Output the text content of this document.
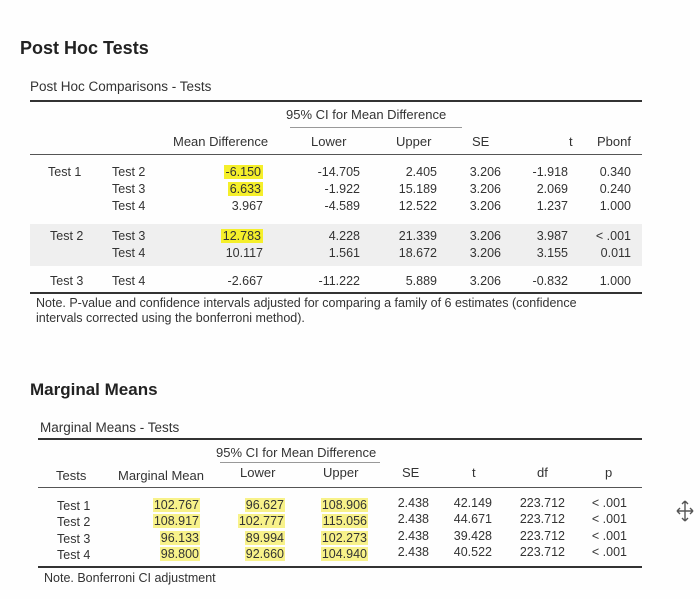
Post Hoc Tests
Post Hoc Comparisons - Tests
95% CI for Mean Difference
Mean Difference	Lower	Upper	SE	t Pbonf
Test 1 Test 2	-6.150	-14.705	2.405	3.206	-1.918	0.340
Test 3	6.633	-1.922	15.189	3.206	2.069	0.240
Test 4	3.967	-4.589	12.522	3.206	1.237	1.000
Test 2 Test 3	12.783	4.228	21.339	3.206	3.987	< .001
Test 4	10.117	1.561	18.672	3.206	3.155	0.011
Test 3 Test 4	-2.667	-11.222	5.889	3.206	-0.832	1.000
Note. P-value and confidence intervals adjusted for comparing a family of 6 estimates (confidence
intervals corrected using the bonferroni method).
Marginal Means
Marginal Means - Tests
95% CI for Mean Difference
Tests Marginal Mean	Lower	Upper	SE	t	df	p
Test 1	102.767	96.627	108.906	2.438	42.149	223.712	< .001
Test 2	108.917	102.777	115.056	2.438	44.671	223.712	< .001
Test 3	96.133	89.994	102.273	2.438	39.428	223.712	< .001
Test 4	98.800	92.660	104.940	2.438	40.522	223.712	< .001
Note. Bonferroni CI adjustment
